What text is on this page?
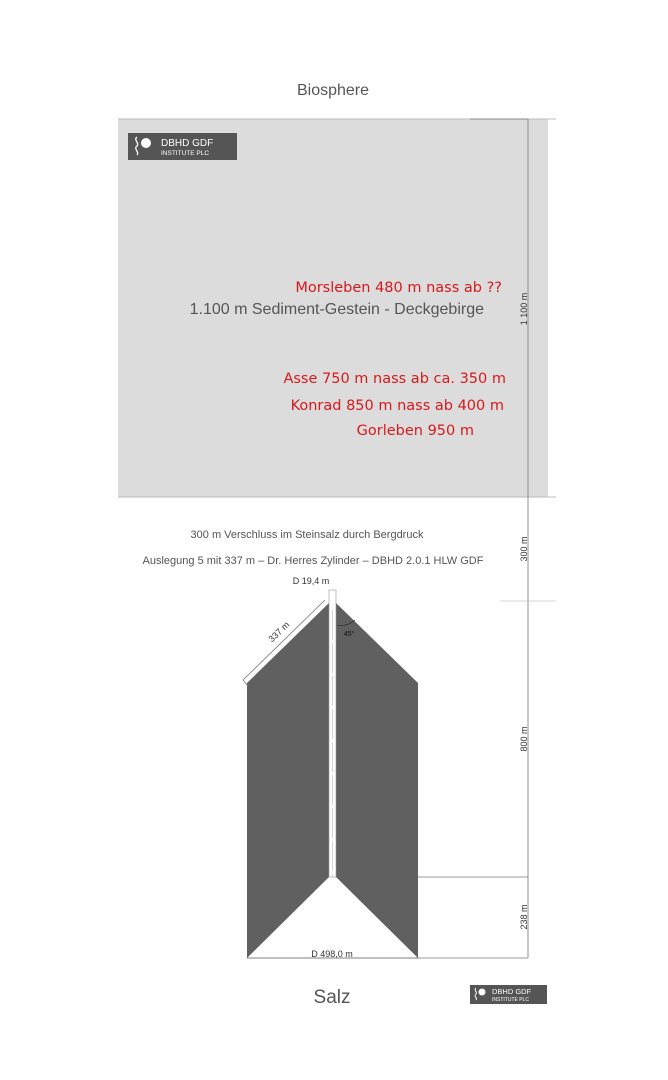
Biosphere
DBHD GDF
INSTITUTE PLC
Morsleben 480 m nass ab ??
1.100 m Sediment-Gestein - Deckgebirge
Asse 750 m nass ab ca. 350 m
Konrad 850 m nass ab 400 m
Gorleben 950 m
300 m Verschluss im Steinsalz durch Bergdruck
Auslegung 5 mit 337 m – Dr. Herres Zylinder – DBHD 2.0.1 HLW GDF
1 100 m
300 m
800 m
238 m
D 19,4 m
337 m	45°
D 498,0 m
Salz	DBHD GDF
INSTITUTE PLC
